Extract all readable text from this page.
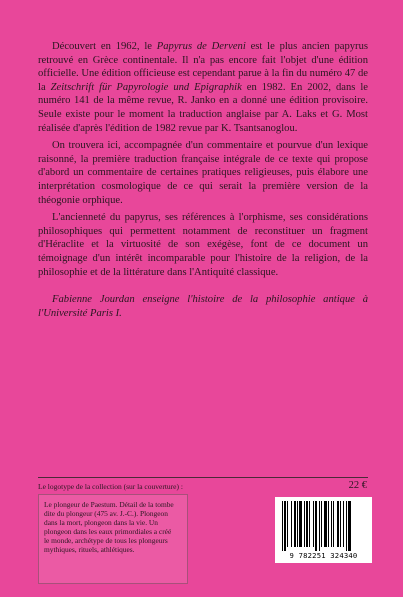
Découvert en 1962, le Papyrus de Derveni est le plus ancien papyrus retrouvé en Grèce continentale. Il n'a pas encore fait l'objet d'une édition officielle. Une édition officieuse est cependant parue à la fin du numéro 47 de la Zeitschrift für Papyrologie und Epigraphik en 1982. En 2002, dans le numéro 141 de la même revue, R. Janko en a donné une édition provisoire. Seule existe pour le moment la traduction anglaise par A. Laks et G. Most réalisée d'après l'édition de 1982 revue par K. Tsantsanoglou.

On trouvera ici, accompagnée d'un commentaire et pourvue d'un lexique raisonné, la première traduction française intégrale de ce texte qui propose d'abord un commentaire de certaines pratiques religieuses, puis élabore une interprétation cosmologique de ce qui serait la première version de la théogonie orphique.

L'ancienneté du papyrus, ses références à l'orphisme, ses considérations philosophiques qui permettent notamment de reconstituer un fragment d'Héraclite et la virtuosité de son exégèse, font de ce document un témoignage d'un intérêt incomparable pour l'histoire de la religion, de la philosophie et de la littérature dans l'Antiquité classique.

Fabienne Jourdan enseigne l'histoire de la philosophie antique à l'Université Paris I.

Le logotype de la collection (sur la couverture) :
Le plongeur de Paestum. Détail de la tombe dite du plongeur (475 av. J.-C.). Plongeon dans la mort, plongeon dans la vie. Un plongeon dans les eaux primordiales a créé le monde, archétype de tous les plongeurs mythiques, rituels, athlétiques.
22 €
9 782251 324340
